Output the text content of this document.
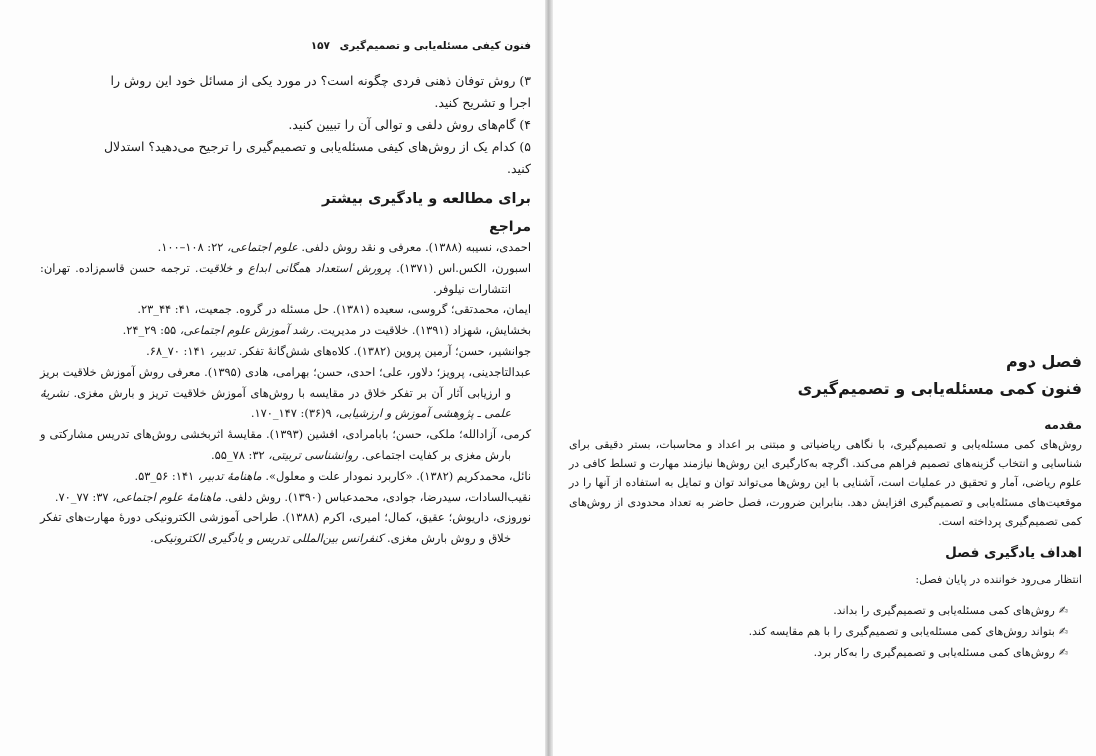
فنون کیفی مسئله‌یابی و تصمیم‌گیری ۱۵۷

۳) روش توفان ذهنی فردی چگونه است؟ در مورد یکی از مسائل خود این روش را

اجرا و تشریح کنید.

۴) گام‌های روش دلفی و توالی آن را تبیین کنید.

۵) کدام یک از روش‌های کیفی مسئله‌یابی و تصمیم‌گیری را ترجیح می‌دهید؟ استدلال

کنید.

برای مطالعه و یادگیری بیشتر
مراجع

احمدی، نسیبه (۱۳۸۸). معرفی و نقد روش دلفی. علوم اجتماعی، ۲۲: ۱۰۸–۱۰۰.

اسبورن، الکس.اس (۱۳۷۱). پرورش استعداد همگانی ابداع و خلاقیت. ترجمه حسن قاسم‌زاده. تهران: انتشارات نیلوفر.

ایمان، محمدتقی؛ گروسی، سعیده (۱۳۸۱). حل مسئله در گروه. جمعیت، ۴۱: ۴۴_۲۳.

بخشایش، شهزاد (۱۳۹۱). خلاقیت در مدیریت. رشد آموزش علوم اجتماعی، ۵۵: ۲۹_۲۴.

جوانشیر، حسن؛ آرمین پروین (۱۳۸۲). کلاه‌های شش‌گانهٔ تفکر. تدبیر، ۱۴۱: ۷۰_۶۸.

عبدالتاجدینی، پرویز؛ دلاور، علی؛ احدی، حسن؛ بهرامی، هادی (۱۳۹۵). معرفی روش آموزش خلاقیت بریز و ارزیابی آثار آن بر تفکر خلاق در مقایسه با روش‌های آموزش خلاقیت تریز و بارش مغزی. نشریهٔ علمی ـ پژوهشی آموزش و ارزشیابی، ۹(۳۶): ۱۴۷_۱۷۰.

کرمی، آزادالله؛ ملکی، حسن؛ بابامرادی، افشین (۱۳۹۳). مقایسهٔ اثربخشی روش‌های تدریس مشارکتی و بارش مغزی بر کفایت اجتماعی. روانشناسی تربیتی، ۳۲: ۷۸_۵۵.

نائل، محمدکریم (۱۳۸۲). «کاربرد نمودار علت و معلول». ماهنامهٔ تدبیر، ۱۴۱: ۵۶_۵۳.

نقیب‌السادات، سیدرضا، جوادی، محمدعباس (۱۳۹۰). روش دلفی. ماهنامهٔ علوم اجتماعی، ۳۷: ۷۷_۷۰.

نوروزی، داریوش؛ عقیق، کمال؛ امیری، اکرم (۱۳۸۸). طراحی آموزشی الکترونیکی دورهٔ مهارت‌های تفکر خلاق و روش بارش مغزی. کنفرانس بین‌المللی تدریس و یادگیری الکترونیکی.

فصل دوم
فنون کمی مسئله‌یابی و تصمیم‌گیری
مقدمه

روش‌های کمی مسئله‌یابی و تصمیم‌گیری، با نگاهی ریاضیاتی و مبتنی بر اعداد و محاسبات، بستر دقیقی برای شناسایی و انتخاب گزینه‌های تصمیم فراهم می‌کند. اگرچه به‌کارگیری این روش‌ها نیازمند مهارت و تسلط کافی در علوم ریاضی، آمار و تحقیق در عملیات است، آشنایی با این روش‌ها می‌تواند توان و تمایل به استفاده از آنها را در موقعیت‌های مسئله‌یابی و تصمیم‌گیری افزایش دهد. بنابراین ضرورت، فصل حاضر به تعداد محدودی از روش‌های کمی تصمیم‌گیری پرداخته است.

اهداف یادگیری فصل

انتظار می‌رود خواننده در پایان فصل:

✍روش‌های کمی مسئله‌یابی و تصمیم‌گیری را بداند.
✍بتواند روش‌های کمی مسئله‌یابی و تصمیم‌گیری را با هم مقایسه کند.
✍روش‌های کمی مسئله‌یابی و تصمیم‌گیری را به‌کار برد.
